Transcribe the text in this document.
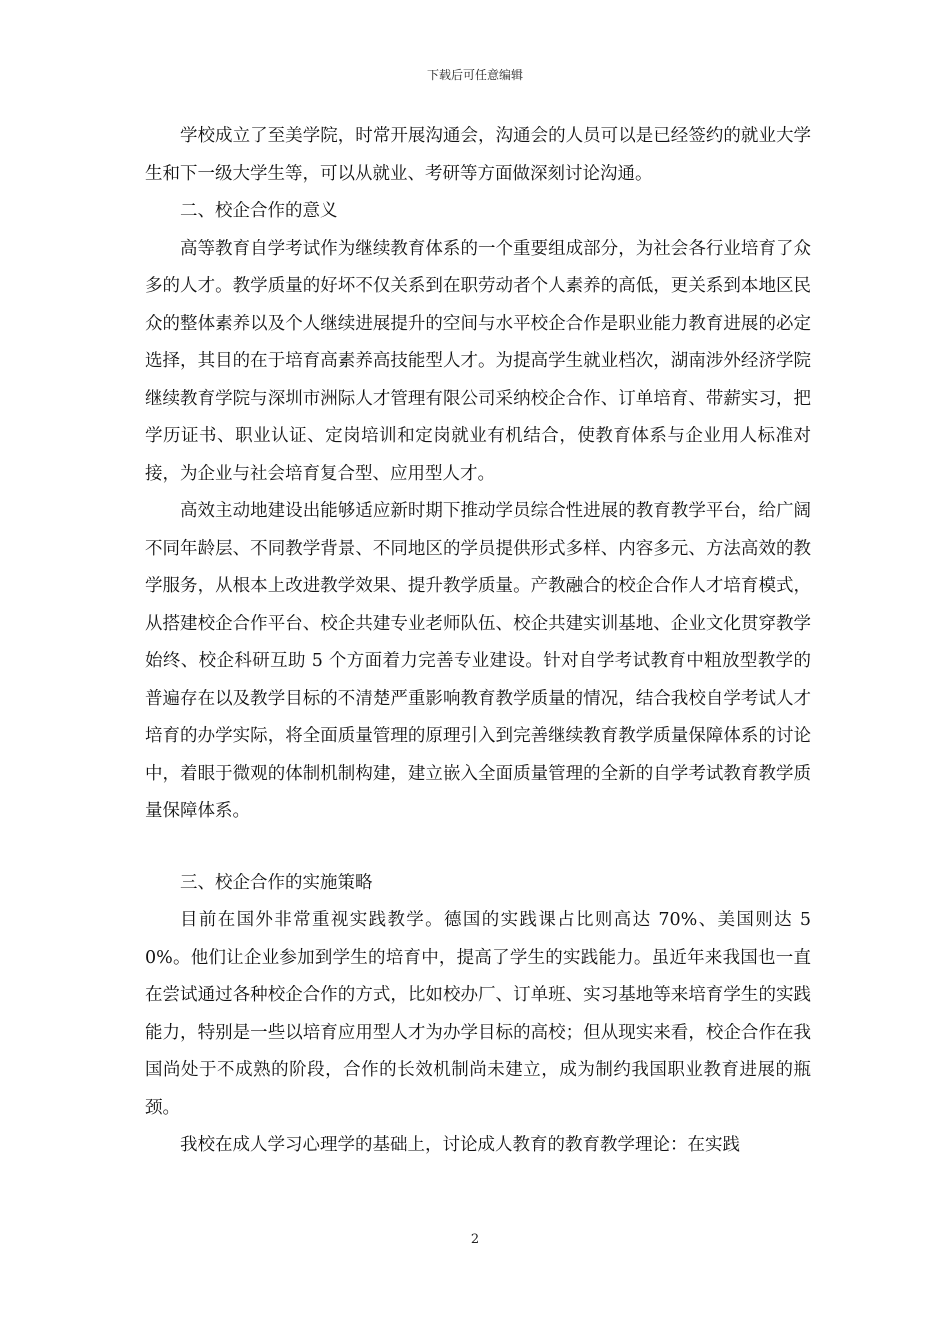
下载后可任意编辑

学校成立了至美学院，时常开展沟通会，沟通会的人员可以是已经签约的就业大学生和下一级大学生等，可以从就业、考研等方面做深刻讨论沟通。

二、校企合作的意义

高等教育自学考试作为继续教育体系的一个重要组成部分，为社会各行业培育了众多的人才。教学质量的好坏不仅关系到在职劳动者个人素养的高低，更关系到本地区民众的整体素养以及个人继续进展提升的空间与水平校企合作是职业能力教育进展的必定选择，其目的在于培育高素养高技能型人才。为提高学生就业档次，湖南涉外经济学院继续教育学院与深圳市洲际人才管理有限公司采纳校企合作、订单培育、带薪实习，把学历证书、职业认证、定岗培训和定岗就业有机结合，使教育体系与企业用人标准对接，为企业与社会培育复合型、应用型人才。

高效主动地建设出能够适应新时期下推动学员综合性进展的教育教学平台，给广阔不同年龄层、不同教学背景、不同地区的学员提供形式多样、内容多元、方法高效的教学服务，从根本上改进教学效果、提升教学质量。产教融合的校企合作人才培育模式，从搭建校企合作平台、校企共建专业老师队伍、校企共建实训基地、企业文化贯穿教学始终、校企科研互助 5 个方面着力完善专业建设。针对自学考试教育中粗放型教学的普遍存在以及教学目标的不清楚严重影响教育教学质量的情况，结合我校自学考试人才培育的办学实际，将全面质量管理的原理引入到完善继续教育教学质量保障体系的讨论中，着眼于微观的体制机制构建，建立嵌入全面质量管理的全新的自学考试教育教学质量保障体系。

三、校企合作的实施策略

目前在国外非常重视实践教学。德国的实践课占比则高达 70%、美国则达 50%。他们让企业参加到学生的培育中，提高了学生的实践能力。虽近年来我国也一直在尝试通过各种校企合作的方式，比如校办厂、订单班、实习基地等来培育学生的实践能力，特别是一些以培育应用型人才为办学目标的高校；但从现实来看，校企合作在我国尚处于不成熟的阶段，合作的长效机制尚未建立，成为制约我国职业教育进展的瓶颈。

我校在成人学习心理学的基础上，讨论成人教育的教育教学理论：在实践

2
